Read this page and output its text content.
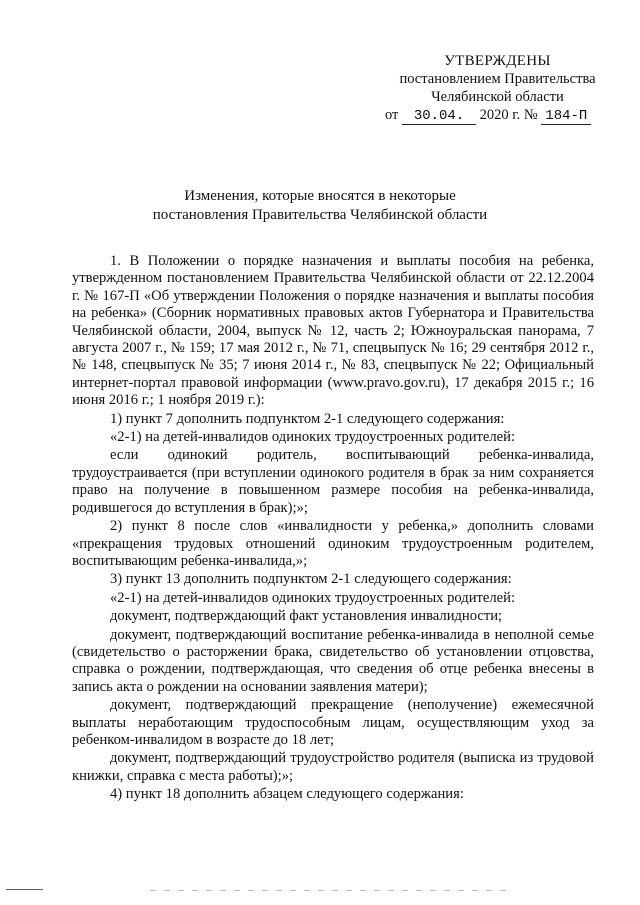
УТВЕРЖДЕНЫ
постановлением Правительства
Челябинской области
от 30.04. 2020 г. № 184-П
Изменения, которые вносятся в некоторые
постановления Правительства Челябинской области

1. В Положении о порядке назначения и выплаты пособия на ребенка, утвержденном постановлением Правительства Челябинской области от 22.12.2004 г. № 167-П «Об утверждении Положения о порядке назначения и выплаты пособия на ребенка» (Сборник нормативных правовых актов Губернатора и Правительства Челябинской области, 2004, выпуск № 12, часть 2; Южноуральская панорама, 7 августа 2007 г., № 159; 17 мая 2012 г., № 71, спецвыпуск № 16; 29 сентября 2012 г., № 148, спецвыпуск № 35; 7 июня 2014 г., № 83, спецвыпуск № 22; Официальный интернет-портал правовой информации (www.pravo.gov.ru), 17 декабря 2015 г.; 16 июня 2016 г.; 1 ноября 2019 г.):

1) пункт 7 дополнить подпунктом 2-1 следующего содержания:

«2-1) на детей-инвалидов одиноких трудоустроенных родителей:

если одинокий родитель, воспитывающий ребенка-инвалида, трудоустраивается (при вступлении одинокого родителя в брак за ним сохраняется право на получение в повышенном размере пособия на ребенка-инвалида, родившегося до вступления в брак);»;

2) пункт 8 после слов «инвалидности у ребенка,» дополнить словами «прекращения трудовых отношений одиноким трудоустроенным родителем, воспитывающим ребенка-инвалида,»;

3) пункт 13 дополнить подпунктом 2-1 следующего содержания:

«2-1) на детей-инвалидов одиноких трудоустроенных родителей:

документ, подтверждающий факт установления инвалидности;

документ, подтверждающий воспитание ребенка-инвалида в неполной семье (свидетельство о расторжении брака, свидетельство об установлении отцовства, справка о рождении, подтверждающая, что сведения об отце ребенка внесены в запись акта о рождении на основании заявления матери);

документ, подтверждающий прекращение (неполучение) ежемесячной выплаты неработающим трудоспособным лицам, осуществляющим уход за ребенком-инвалидом в возрасте до 18 лет;

документ, подтверждающий трудоустройство родителя (выписка из трудовой книжки, справка с места работы);»;

4) пункт 18 дополнить абзацем следующего содержания:
